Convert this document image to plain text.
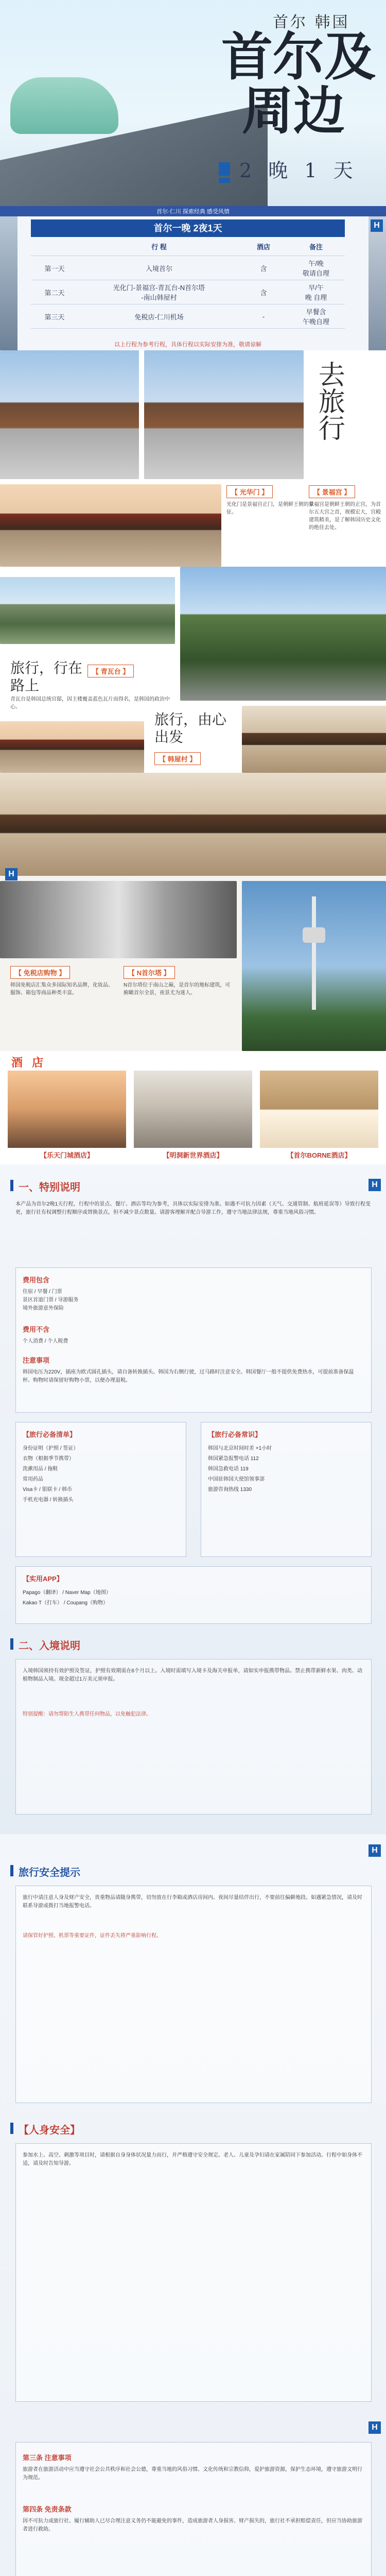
首尔 韩国
首尔及
周边
2 晚 1 天
首尔·仁川 探索经典 感受风情
首尔一晚 2夜1天
	行 程	酒店	备注
第一天	入境首尔	含	午/晚
敬请自理
第二天	光化门-景福宫-青瓦台-N首尔塔
-南山韩屋村	含	早/午
晚 自理
第三天	免税店-仁川机场	-	早餐含
午晚自理
以上行程为参考行程，具体行程以实际安排为准，敬请谅解
H
去旅行
【 光华门 】
光化门是景福宫正门，是朝鲜王朝的象征。
【 景福宫 】
景福宫是朝鲜王朝的正宫，为首尔五大宫之首，规模宏大，宫殿建筑精美，是了解韩国历史文化的绝佳去处。
旅行，行在路上
【 青瓦台 】
青瓦台是韩国总统官邸，因主楼覆盖蓝色瓦片而得名，是韩国的政治中心。
旅行，由心出发
【 韩屋村 】
【 免税店购物 】
韩国免税店汇集众多国际知名品牌，化妆品、服饰、箱包等商品种类丰富。
【 N首尔塔 】
N首尔塔位于南山之巅，是首尔的地标建筑，可俯瞰首尔全景，夜景尤为迷人。
H
酒 店
【乐天门城酒店】	【明洞新世界酒店】	【首尔BORNE酒店】
一、特别说明
H
本产品为首尔2晚1天行程，行程中的景点、餐厅、酒店等均为参考，具体以实际安排为准。如遇不可抗力因素（天气、交通管制、航班延误等）导致行程变更，旅行社有权调整行程顺序或替换景点，但不减少景点数量。请游客理解并配合导游工作，遵守当地法律法规，尊重当地风俗习惯。
费用包含
住宿 / 早餐 / 门票
景区首道门票 / 导游服务
境外旅游意外保险
费用不含
个人消费 / 个人税费
注意事项
韩国电压为220V，插座为欧式圆孔插头，请自备转换插头。韩国为右侧行驶，过马路时注意安全。韩国餐厅一般不提供免费热水，可提前准备保温杯。购物时请保留好购物小票，以便办理退税。
【旅行必备清单】
身份证明（护照 / 签证）
衣物（根据季节携带）
洗漱用品 / 拖鞋
常用药品
Visa卡 / 银联卡 / 韩币
手机充电器 / 转换插头
【旅行必备常识】
韩国与北京时间时差 +1小时
韩国紧急报警电话 112
韩国急救电话 119
中国驻韩国大使馆领事部
旅游咨询热线 1330
【实用APP】
Papago（翻译） / Naver Map（地图）
Kakao T（打车） / Coupang（购物）
二、入境说明
入境韩国须持有效护照及签证，护照有效期需在6个月以上。入境时需填写入境卡及海关申报单，请如实申报携带物品。禁止携带新鲜水果、肉类、动植物制品入境。现金超过1万美元须申报。
特别提醒：请勿帮陌生人携带任何物品，以免触犯法律。
H
旅行安全提示
旅行中请注意人身及财产安全，贵重物品请随身携带，切勿放在行李箱或酒店房间内。夜间尽量结伴出行，不要前往偏僻地段。如遇紧急情况，请及时联系导游或拨打当地报警电话。
请保管好护照、机票等重要证件，证件丢失将严重影响行程。
【人身安全】
参加水上、高空、刺激等项目时，请根据自身身体状况量力而行，并严格遵守安全规定。老人、儿童及孕妇请在家属陪同下参加活动。行程中如身体不适，请及时告知导游。
H
第三条 注意事项
旅游者在旅游活动中应当遵守社会公共秩序和社会公德，尊重当地的风俗习惯、文化传统和宗教信仰，爱护旅游资源，保护生态环境，遵守旅游文明行为规范。
第四条 免责条款
因不可抗力或旅行社、履行辅助人已尽合理注意义务仍不能避免的事件，造成旅游者人身损害、财产损失的，旅行社不承担赔偿责任，但应当协助旅游者进行救助。
